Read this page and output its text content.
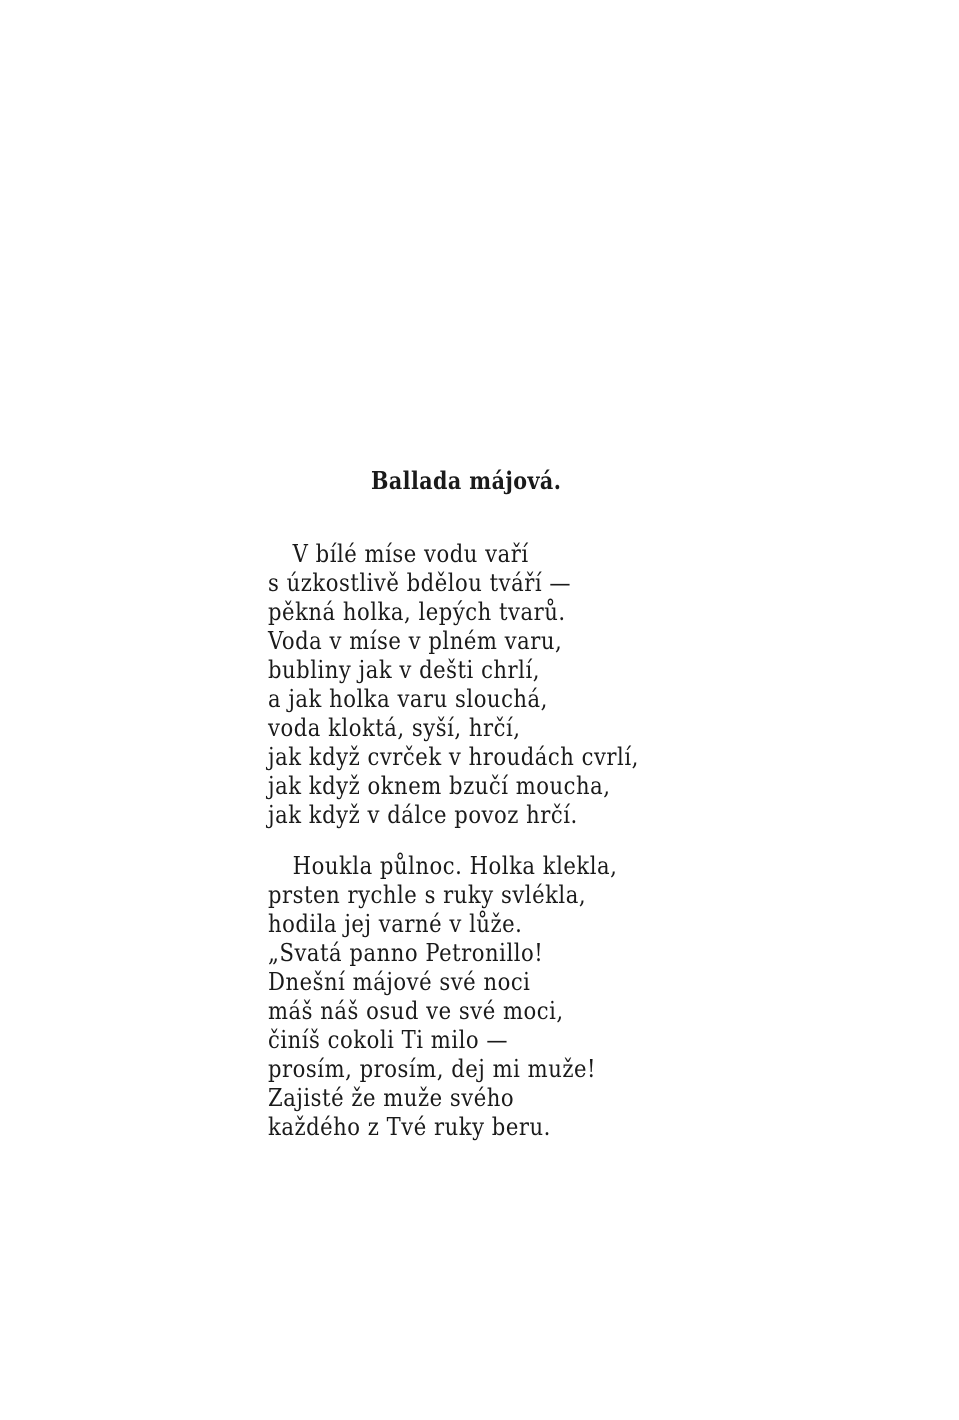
Ballada májová.
V bílé míse vodu vaří
s úzkostlivě bdělou tváří —
pěkná holka, lepých tvarů.
Voda v míse v plném varu,
bubliny jak v dešti chrlí,
a jak holka varu slouchá,
voda kloktá, syší, hrčí,
jak když cvrček v hroudách cvrlí,
jak když oknem bzučí moucha,
jak když v dálce povoz hrčí.
Houkla půlnoc. Holka klekla,
prsten rychle s ruky svlékla,
hodila jej varné v lůže.
„Svatá panno Petronillo!
Dnešní májové své noci
máš náš osud ve své moci,
činíš cokoli Ti milo —
prosím, prosím, dej mi muže!
Zajisté že muže svého
každého z Tvé ruky beru.
